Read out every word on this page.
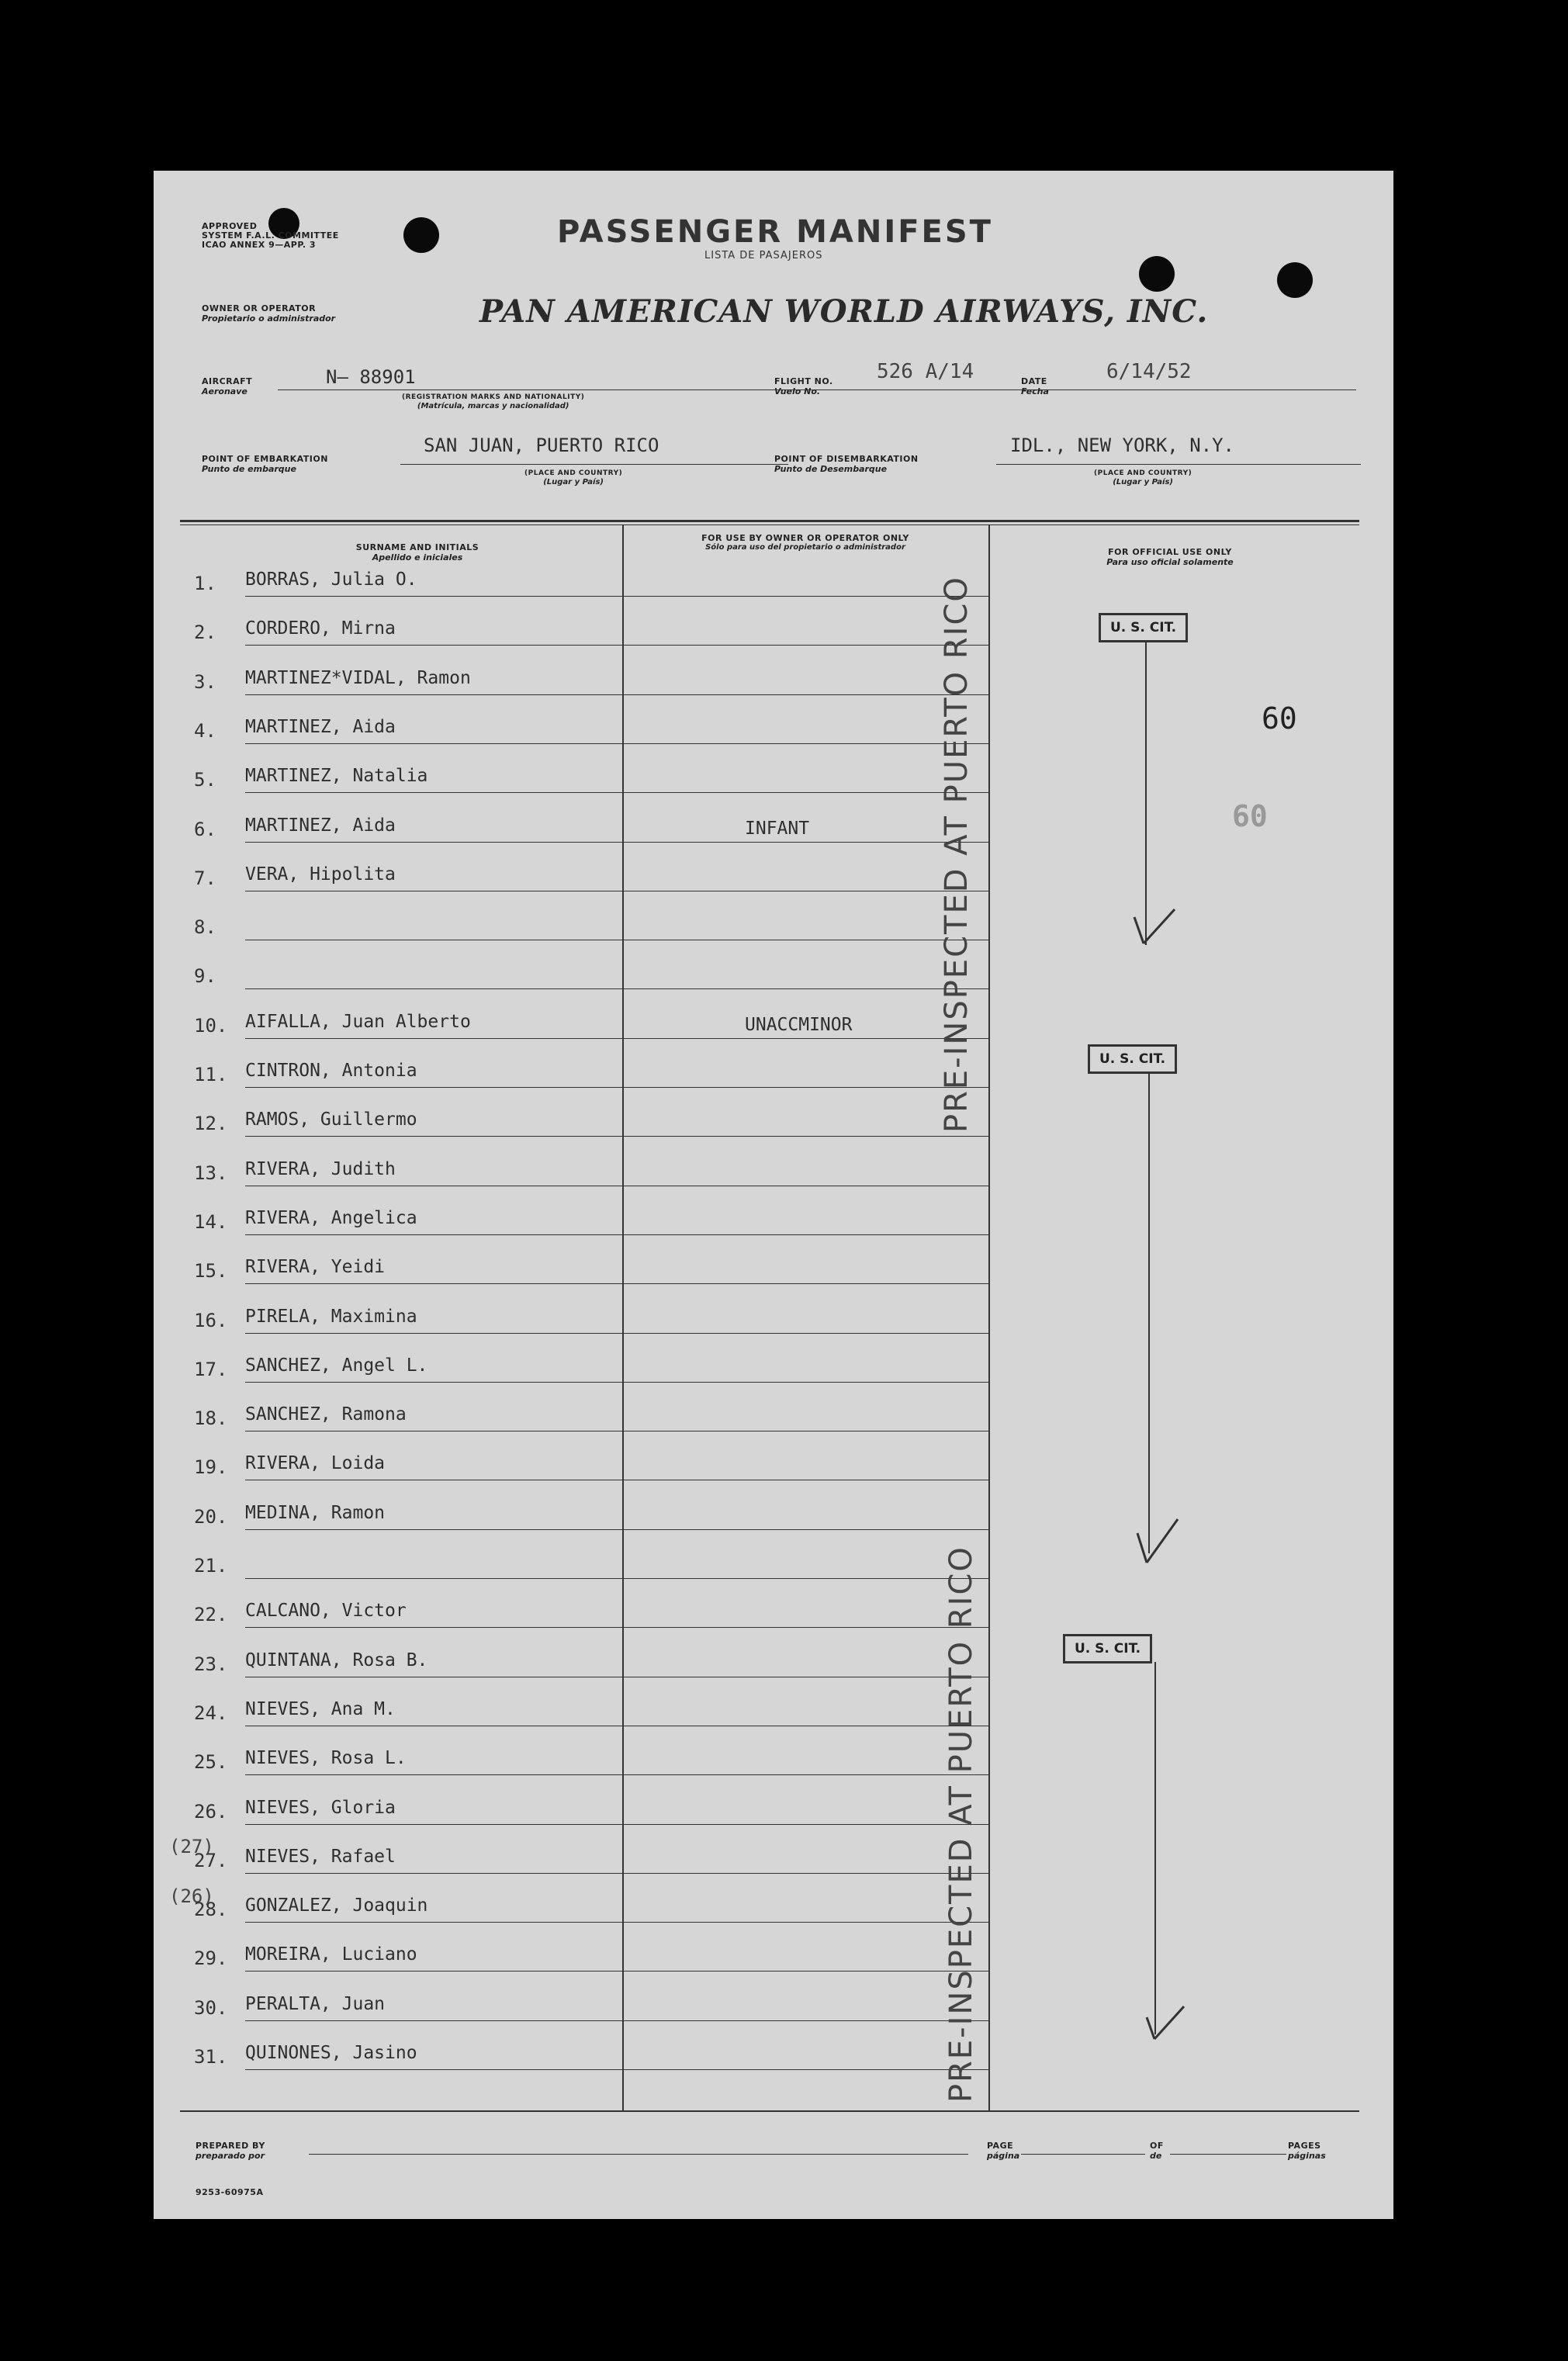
APPROVED
SYSTEM F.A.L. COMMITTEE
ICAO ANNEX 9—APP. 3	PASSENGER MANIFEST
LISTA DE PASAJEROS
OWNER OR OPERATOR
Propietario o administrador	PAN AMERICAN WORLD AIRWAYS, INC.
AIRCRAFT
Aeronave
N— 88901
(REGISTRATION MARKS AND NATIONALITY)
(Matrícula, marcas y nacionalidad)
FLIGHT NO.
Vuelo No.
526 A/14	DATE
Fecha
6/14/52
POINT OF EMBARKATION
Punto de embarque
SAN JUAN, PUERTO RICO
(PLACE AND COUNTRY)
(Lugar y País)
POINT OF DISEMBARKATION
Punto de Desembarque
IDL., NEW YORK, N.Y.
(PLACE AND COUNTRY)
(Lugar y País)
SURNAME AND INITIALS
Apellido e iniciales
FOR USE BY OWNER OR OPERATOR ONLY
Sólo para uso del propietario o administrador	FOR OFFICIAL USE ONLY
Para uso oficial solamente
1.	BORRAS, Julia O.
2.	CORDERO, Mirna
3.	MARTINEZ*VIDAL, Ramon
4.	MARTINEZ, Aida
5.	MARTINEZ, Natalia
6.	MARTINEZ, Aida	INFANT
7.	VERA, Hipolita
8.
9.
10. AIFALLA, Juan Alberto	UNACCMINOR
11. CINTRON, Antonia
12. RAMOS, Guillermo
13. RIVERA, Judith
14. RIVERA, Angelica
15. RIVERA, Yeidi
16. PIRELA, Maximina
17. SANCHEZ, Angel L.
18. SANCHEZ, Ramona
19. RIVERA, Loida
20. MEDINA, Ramon
21.
22. CALCANO, Victor
23. QUINTANA, Rosa B.
24. NIEVES, Ana M.
25. NIEVES, Rosa L.
26. NIEVES, Gloria
27. NIEVES, Rafael
28. GONZALEZ, Joaquin
29. MOREIRA, Luciano
30. PERALTA, Juan
31. QUINONES, Jasino
(27)
(26)
U. S. CIT.
U. S. CIT.
U. S. CIT.
60
60
PRE-INSPECTED AT PUERTO RICO
PRE-INSPECTED AT PUERTO RICO
PREPARED BY
preparado por
PAGE
página
OF
de
PAGES
páginas
9253-60975A
